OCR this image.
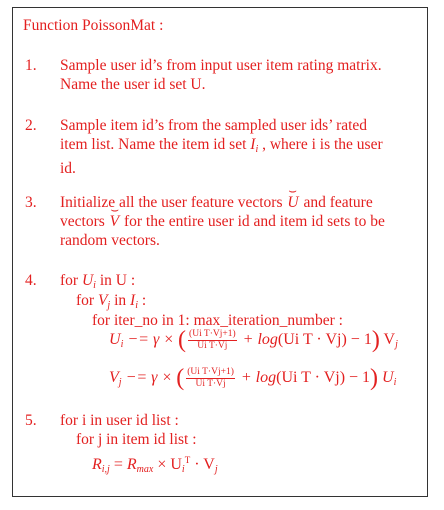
Function PoissonMat :
1.	Sample user id’s from input user item rating matrix.
Name the user id set U.
2.	Sample item id’s from the sampled user ids’ rated
item list. Name the item id set $I_i$ , where i is the user
id.
3.	Initialize all the user feature vectors ⌢ U and feature
vectors ⌢ V for the entire user id and item id sets to be
random vectors.
4.	for $U_i$ in U :
for $V_j$ in $I_i$ :
for iter_no in 1: max_iteration_number :
$U_i -= \gamma$ × ( $\frac{\text{(Ui T·Vj+1)}}{\text{Ui T·Vj}} + \log(Ui$ T · Vj) − 1) $V_j$
$V_j -= \gamma$ × ( $\frac{\text{(Ui T·Vj+1)}}{\text{Ui T·Vj}} + \log(Ui$ T · Vj) − 1) $U_i$
5.	for i in user id list :
for j in item id list :
$R_{i,j} = R_{max} \times U_i^T \cdot V_j$
